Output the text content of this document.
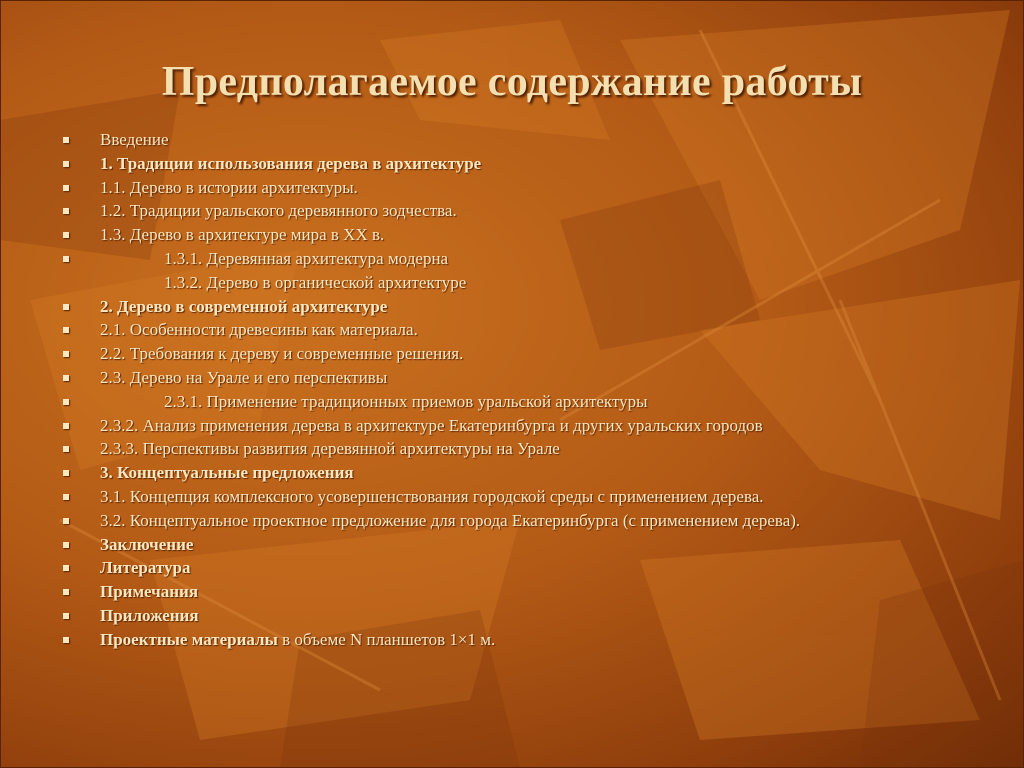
Предполагаемое содержание работы
Введение
1. Традиции использования дерева в архитектуре
1.1. Дерево в истории архитектуры.
1.2. Традиции уральского деревянного зодчества.
1.3. Дерево в архитектуре мира в XX в.
1.3.1. Деревянная архитектура модерна
1.3.2. Дерево в органической архитектуре
2. Дерево в современной архитектуре
2.1. Особенности древесины как материала.
2.2. Требования к дереву и современные решения.
2.3. Дерево на Урале и его перспективы
2.3.1. Применение традиционных приемов уральской архитектуры
2.3.2. Анализ применения дерева в архитектуре Екатеринбурга и других уральских городов
2.3.3. Перспективы развития деревянной архитектуры на Урале
3. Концептуальные предложения
3.1. Концепция комплексного усовершенствования городской среды с применением дерева.
3.2. Концептуальное проектное предложение для города Екатеринбурга (с применением дерева).
Заключение
Литература
Примечания
Приложения
Проектные материалы в объеме N планшетов 1×1 м.
